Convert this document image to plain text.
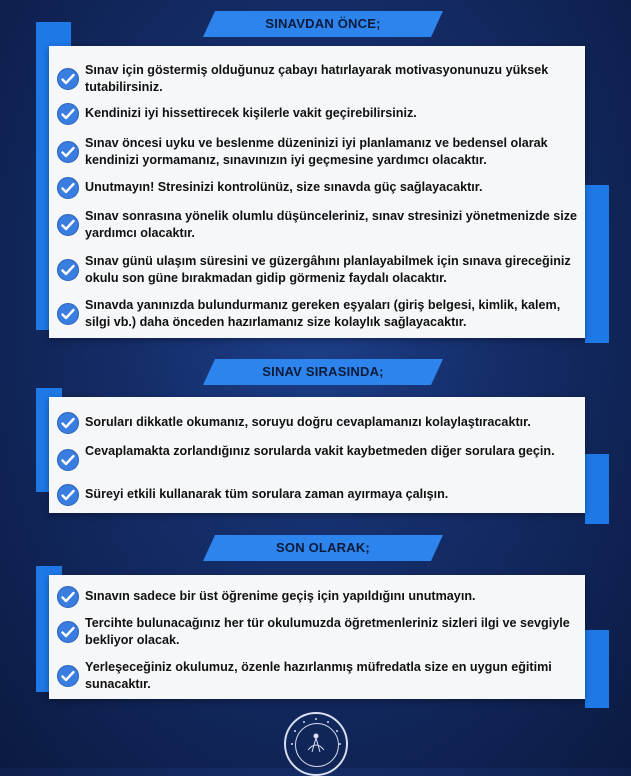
SINAVDAN ÖNCE;
Sınav için göstermiş olduğunuz çabayı hatırlayarak motivasyonunuzu yüksek tutabilirsiniz.
Kendinizi iyi hissettirecek kişilerle vakit geçirebilirsiniz.
Sınav öncesi uyku ve beslenme düzeninizi iyi planlamanız ve bedensel olarak kendinizi yormamanız, sınavınızın iyi geçmesine yardımcı olacaktır.
Unutmayın! Stresinizi kontrolünüz, size sınavda güç sağlayacaktır.
Sınav sonrasına yönelik olumlu düşünceleriniz, sınav stresinizi yönetmenizde size yardımcı olacaktır.
Sınav günü ulaşım süresini ve güzergâhını planlayabilmek için sınava gireceğiniz okulu son güne bırakmadan gidip görmeniz faydalı olacaktır.
Sınavda yanınızda bulundurmanız gereken eşyaları (giriş belgesi, kimlik, kalem, silgi vb.) daha önceden hazırlamanız size kolaylık sağlayacaktır.
SINAV SIRASINDA;
Soruları dikkatle okumanız, soruyu doğru cevaplamanızı kolaylaştıracaktır.
Cevaplamakta zorlandığınız sorularda vakit kaybetmeden diğer sorulara geçin.
Süreyi etkili kullanarak tüm sorulara zaman ayırmaya çalışın.
SON OLARAK;
Sınavın sadece bir üst öğrenime geçiş için yapıldığını unutmayın.
Tercihte bulunacağınız her tür okulumuzda öğretmenleriniz sizleri ilgi ve sevgiyle bekliyor olacak.
Yerleşeceğiniz okulumuz, özenle hazırlanmış müfredatla size en uygun eğitimi sunacaktır.
